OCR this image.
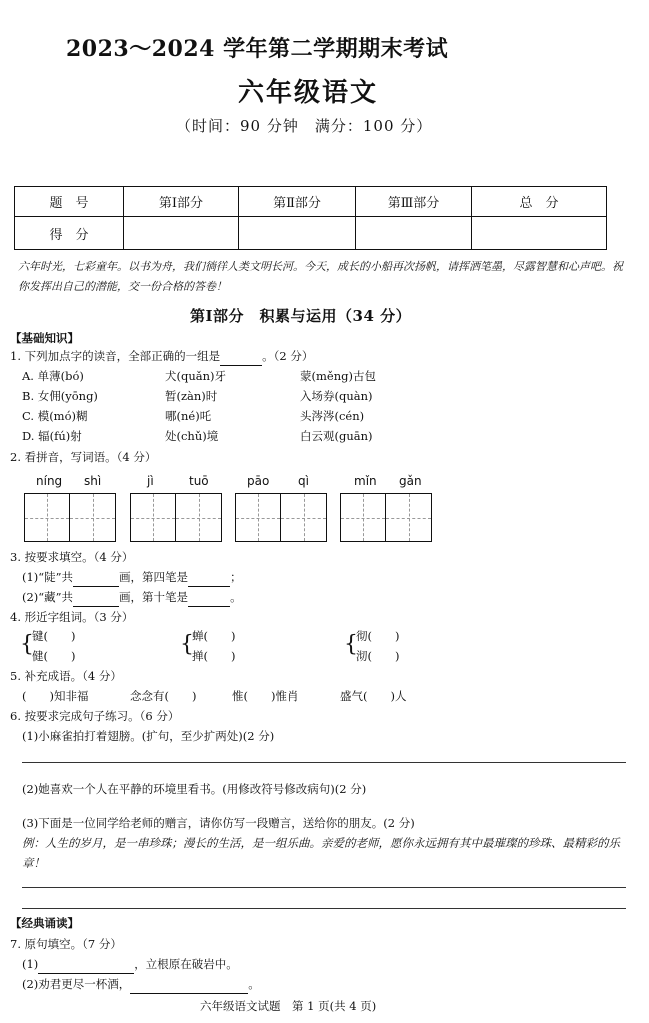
2023～2024 学年第二学期期末考试
六年级语文
（时间：90 分钟　满分：100 分）
题　号	第Ⅰ部分	第Ⅱ部分	第Ⅲ部分	总　分
得　分				
六年时光，七彩童年。以书为舟，我们徜徉人类文明长河。今天，成长的小船再次扬帆，请挥洒笔墨，尽露智慧和心声吧。祝你发挥出自己的潜能，交一份合格的答卷！
第Ⅰ部分　积累与运用（34 分）
【基础知识】
1. 下列加点字的读音，全部正确的一组是	。（2 分）
A. 单薄(bó)	犬(quǎn)牙	蒙(měng)古包
B. 女佣(yōng)	暂(zàn)时	入场券(quàn)
C. 模(mó)糊	哪(né)吒	头涔涔(cén)
D. 辐(fú)射	处(chǔ)境	白云观(guān)
2. 看拼音，写词语。（4 分）
níng shì	jì	tuō	pāo qì	mǐn gǎn
3. 按要求填空。（4 分）
(1)“陡”共	画，第四笔是	；
(2)“藏”共	画，第十笔是	。
4. 形近字组词。（3 分）
{
键(　　)
健(　　)	{
蝉(　　)
掸(　　)	{
彻(　　)
沏(　　)
5. 补充成语。（4 分）
(　　)知非福	念念有(　　)	惟(　　)惟肖	盛气(　　)人
6. 按要求完成句子练习。（6 分）
(1)小麻雀拍打着翅膀。(扩句，至少扩两处)(2 分)
(2)她喜欢一个人在平静的环境里看书。(用修改符号修改病句)(2 分)
(3)下面是一位同学给老师的赠言，请你仿写一段赠言，送给你的朋友。(2 分)
例：人生的岁月，是一串珍珠；漫长的生活，是一组乐曲。亲爱的老师，愿你永远拥有其中最璀璨的珍珠、最精彩的乐章！
【经典诵读】
7. 原句填空。（7 分）
(1)	，立根原在破岩中。
(2)劝君更尽一杯酒，	。
六年级语文试题　第 1 页(共 4 页)
